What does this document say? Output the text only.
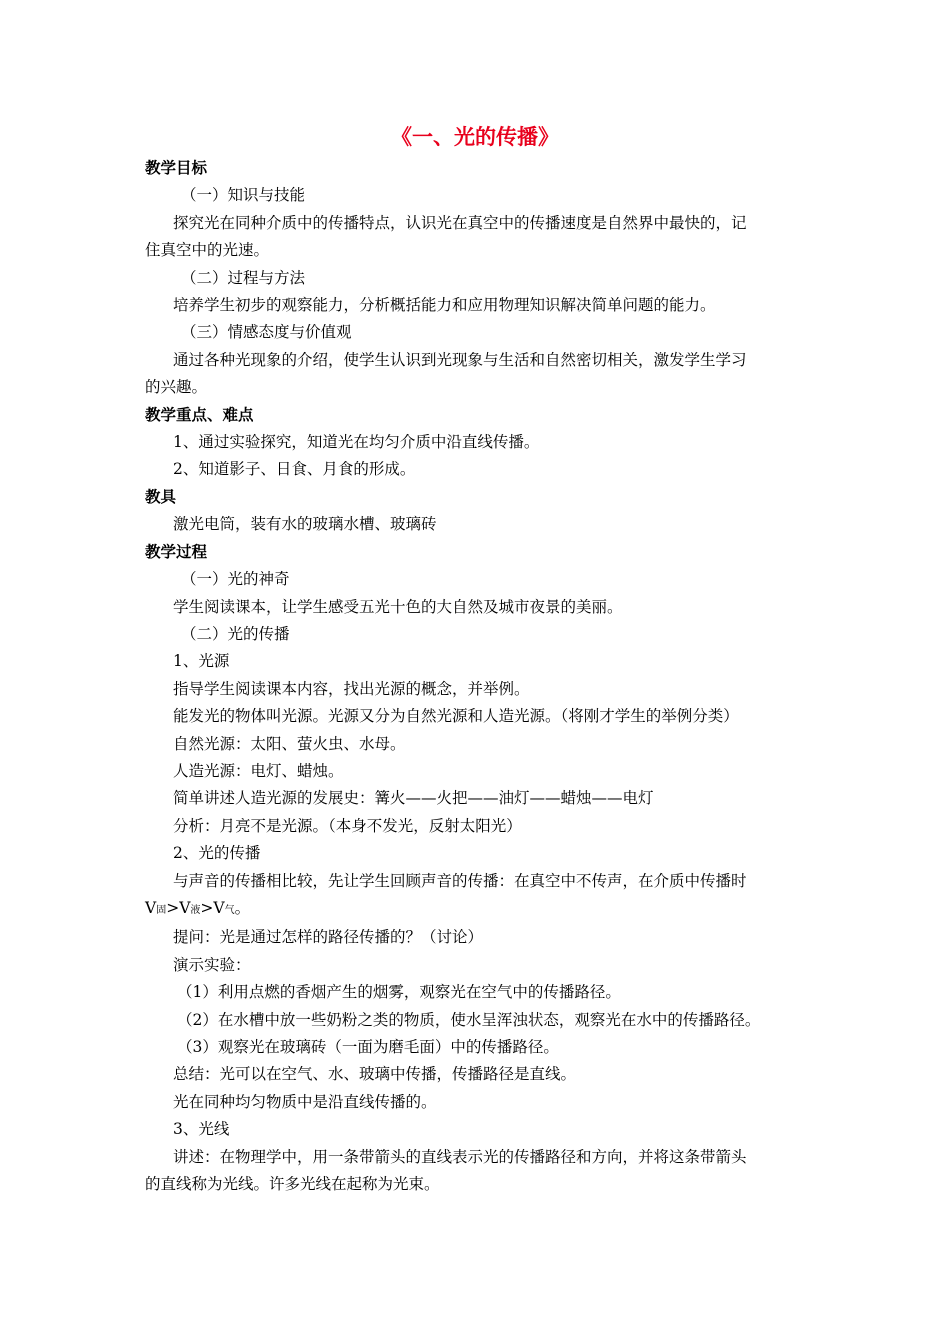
《一、光的传播》
教学目标
（一）知识与技能
探究光在同种介质中的传播特点，认识光在真空中的传播速度是自然界中最快的，记
住真空中的光速。
（二）过程与方法
培养学生初步的观察能力，分析概括能力和应用物理知识解决简单问题的能力。
（三）情感态度与价值观
通过各种光现象的介绍，使学生认识到光现象与生活和自然密切相关，激发学生学习
的兴趣。
教学重点、难点
1、通过实验探究，知道光在均匀介质中沿直线传播。
2、知道影子、日食、月食的形成。
教具
激光电筒，装有水的玻璃水槽、玻璃砖
教学过程
（一）光的神奇
学生阅读课本，让学生感受五光十色的大自然及城市夜景的美丽。
（二）光的传播
1、光源
指导学生阅读课本内容，找出光源的概念，并举例。
能发光的物体叫光源。光源又分为自然光源和人造光源。（将刚才学生的举例分类）
自然光源：太阳、萤火虫、水母。
人造光源：电灯、蜡烛。
简单讲述人造光源的发展史：篝火——火把——油灯——蜡烛——电灯
分析：月亮不是光源。（本身不发光，反射太阳光）
2、光的传播
与声音的传播相比较，先让学生回顾声音的传播：在真空中不传声，在介质中传播时
V固>V液>V气。
提问：光是通过怎样的路径传播的？（讨论）
演示实验：
（1）利用点燃的香烟产生的烟雾，观察光在空气中的传播路径。
（2）在水槽中放一些奶粉之类的物质，使水呈浑浊状态，观察光在水中的传播路径。
（3）观察光在玻璃砖（一面为磨毛面）中的传播路径。
总结：光可以在空气、水、玻璃中传播，传播路径是直线。
光在同种均匀物质中是沿直线传播的。
3、光线
讲述：在物理学中，用一条带箭头的直线表示光的传播路径和方向，并将这条带箭头
的直线称为光线。许多光线在起称为光束。
